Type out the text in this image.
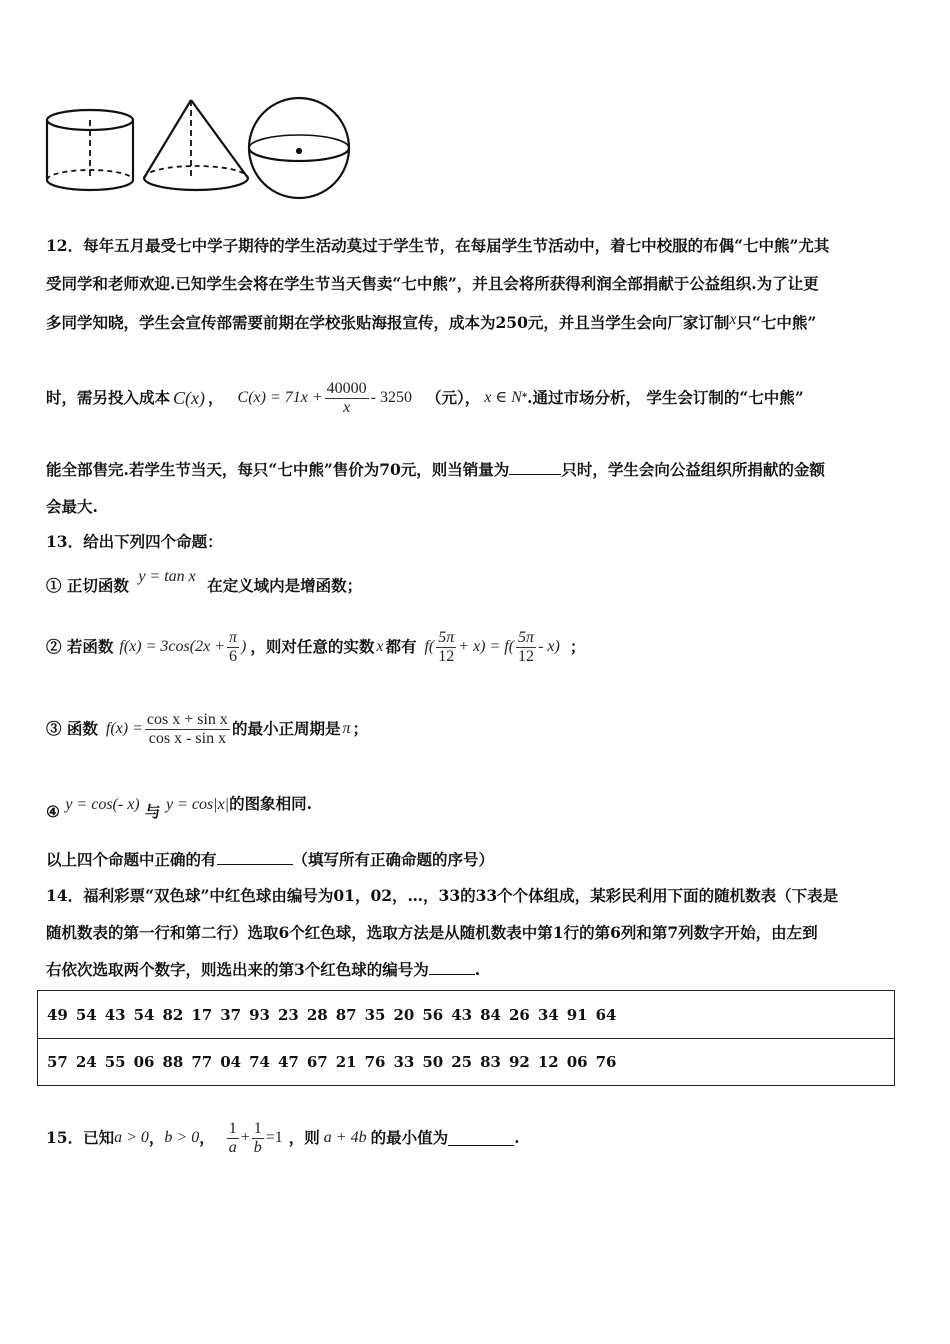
12．每年五月最受七中学子期待的学生活动莫过于学生节，在每届学生节活动中，着七中校服的布偶“七中熊”尤其
受同学和老师欢迎.已知学生会将在学生节当天售卖“七中熊”，并且会将所获得利润全部捐献于公益组织.为了让更
多同学知晓，学生会宣传部需要前期在学校张贴海报宣传，成本为250元，并且当学生会向厂家订制x只“七中熊”
时，需另投入成本 C(x) ， $C(x) = 71x + \frac{40000}{x} - 3250$ （元）， x ∈ N * .通过市场分析， 学生会订制的“七中熊”
能全部售完.若学生节当天，每只“七中熊”售价为70元，则当销量为	只时，学生会向公益组织所捐献的金额
会最大.
13．给出下列四个命题：
① 正切函数 y = tan x 在定义域内是增函数；
② 若函数 $f(x) = 3\cos(2x + \frac{\pi}{6}$ ) ，则对任意的实数 x 都有 $f( \frac{5\pi}{12} + x) = f( \frac{5\pi}{12} - x)$ ；
③ 函数 $f(x) = \frac{\text{cos x + sin x}}{\text{cos x - sin x}}$ 的最小正周期是 π ；
④ y = cos(- x) 与 y = cos|x|的图象相同.
以上四个命题中正确的有	（填写所有正确命题的序号）
14．福利彩票“双色球”中红色球由编号为01，02，…，33的33个个体组成，某彩民利用下面的随机数表（下表是
随机数表的第一行和第二行）选取6个红色球，选取方法是从随机数表中第1行的第6列和第7列数字开始，由左到
右依次选取两个数字，则选出来的第3个红色球的编号为	.
49 54 43 54 82 17 37 93 23 28 87 35 20 56 43 84 26 34 91 64
57 24 55 06 88 77 04 74 47 67 21 76 33 50 25 83 92 12 06 76
15．已知 a > 0 ， b > 0 ， $\frac{1}{a} + \frac{1}{b} =1$ ，则 a + 4b 的最小值为	.
